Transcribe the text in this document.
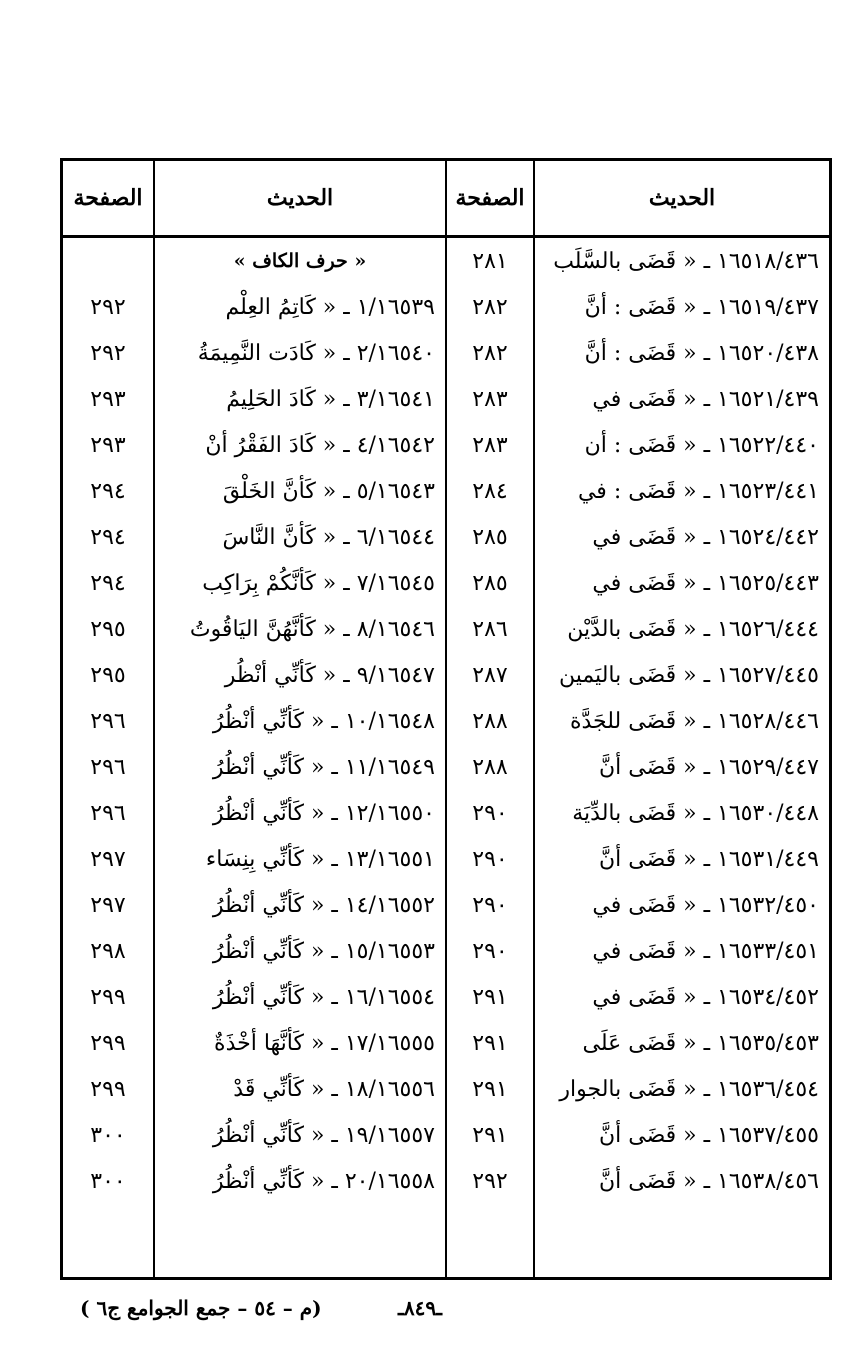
الحديث
الصفحة
الحديث
الصفحة
« حرف الكاف »	١٦٥١٨/٤٣٦ ـ « قَضَى بالسَّلَب
٢٨١
١٦٥١٩/٤٣٧ ـ « قَضَى : أنَّ
٢٨٢
١٦٥٢٠/٤٣٨ ـ « قَضَى : أنَّ
٢٨٢
١٦٥٢١/٤٣٩ ـ « قَضَى في
٢٨٣
١٦٥٢٢/٤٤٠ ـ « قَضَى : أن
٢٨٣
١٦٥٢٣/٤٤١ ـ « قَضَى : في
٢٨٤
١٦٥٢٤/٤٤٢ ـ « قَضَى في
٢٨٥
١٦٥٢٥/٤٤٣ ـ « قَضَى في
٢٨٥
١٦٥٢٦/٤٤٤ ـ « قَضَى بالدَّيْن
٢٨٦
١٦٥٢٧/٤٤٥ ـ « قَضَى باليَمين
٢٨٧
١٦٥٢٨/٤٤٦ ـ « قَضَى للجَدَّة
٢٨٨
١٦٥٢٩/٤٤٧ ـ « قَضَى أنَّ
٢٨٨
١٦٥٣٠/٤٤٨ ـ « قَضَى بالدِّيَة
٢٩٠
١٦٥٣١/٤٤٩ ـ « قَضَى أنَّ
٢٩٠
١٦٥٣٢/٤٥٠ ـ « قَضَى في
٢٩٠
١٦٥٣٣/٤٥١ ـ « قَضَى في
٢٩٠
١٦٥٣٤/٤٥٢ ـ « قَضَى في
٢٩١
١٦٥٣٥/٤٥٣ ـ « قَضَى عَلَى
٢٩١
١٦٥٣٦/٤٥٤ ـ « قَضَى بالجوار
٢٩١
١٦٥٣٧/٤٥٥ ـ « قَضَى أنَّ
٢٩١
١٦٥٣٨/٤٥٦ ـ « قَضَى أنَّ
٢٩٢
١/١٦٥٣٩ ـ « كَاتِمُ العِلْم
٢٩٢
٢/١٦٥٤٠ ـ « كَادَت النَّمِيمَةُ
٢٩٢
٣/١٦٥٤١ ـ « كَادَ الحَلِيمُ
٢٩٣
٤/١٦٥٤٢ ـ « كَادَ الفَقْرُ أنْ
٢٩٣
٥/١٦٥٤٣ ـ « كَأنَّ الخَلْقَ
٢٩٤
٦/١٦٥٤٤ ـ « كَأنَّ النَّاسَ
٢٩٤
٧/١٦٥٤٥ ـ « كَأنَّكُمْ بِرَاكِب
٢٩٤
٨/١٦٥٤٦ ـ « كَأنَّهُنَّ اليَاقُوتُ
٢٩٥
٩/١٦٥٤٧ ـ « كَأنِّي أنْظُر
٢٩٥
١٠/١٦٥٤٨ ـ « كَأنِّي أنْظُرُ
٢٩٦
١١/١٦٥٤٩ ـ « كَأنِّي أنْظُرُ
٢٩٦
١٢/١٦٥٥٠ ـ « كَأنِّي أنْظُرُ
٢٩٦
١٣/١٦٥٥١ ـ « كَأنِّي بِنِسَاء
٢٩٧
١٤/١٦٥٥٢ ـ « كَأنِّي أنْظُرُ
٢٩٧
١٥/١٦٥٥٣ ـ « كَأنِّي أنْظُرُ
٢٩٨
١٦/١٦٥٥٤ ـ « كَأنِّي أنْظُرُ
٢٩٩
١٧/١٦٥٥٥ ـ « كَأنَّهَا أخْذَةٌ
٢٩٩
١٨/١٦٥٥٦ ـ « كَأنِّي قَدْ
٢٩٩
١٩/١٦٥٥٧ ـ « كَأنِّي أنْظُرُ
٣٠٠
٢٠/١٦٥٥٨ ـ « كَأنِّي أنْظُرُ
٣٠٠
ـ٨٤٩ـ
( م – ٥٤ – جمع الجوامع ج٦)
